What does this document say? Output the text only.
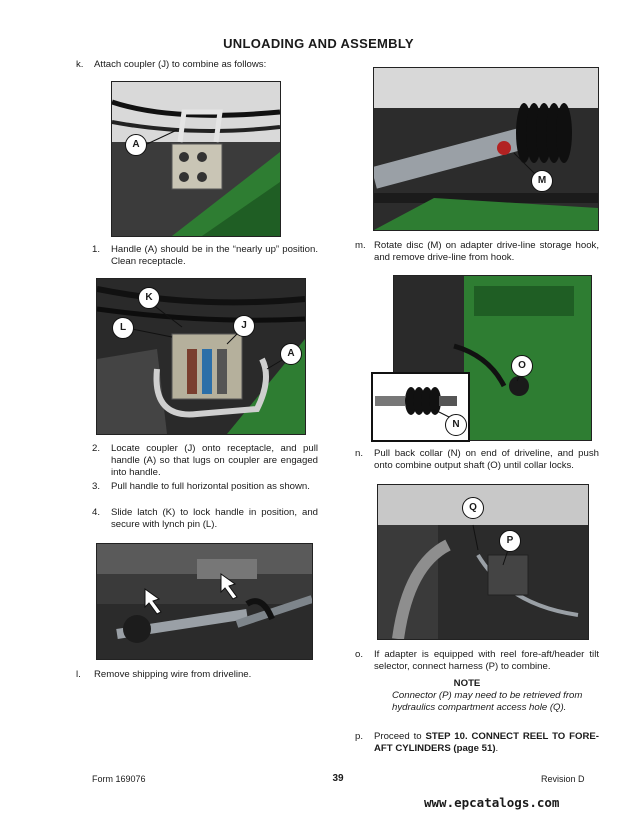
UNLOADING AND ASSEMBLY
k. Attach coupler (J) to combine as follows:
A
1. Handle (A) should be in the “nearly up” position. Clean receptacle.
K
L	J
A
2. Locate coupler (J) onto receptacle, and pull handle (A) so that lugs on coupler are engaged into handle.
3. Pull handle to full horizontal position as shown.
4. Slide latch (K) to lock handle in position, and secure with lynch pin (L).
l. Remove shipping wire from driveline.
M
m. Rotate disc (M) on adapter drive-line storage hook, and remove drive-line from hook.
O
N
n. Pull back collar (N) on end of driveline, and push onto combine output shaft (O) until collar locks.
Q
P
o. If adapter is equipped with reel fore-aft/header tilt selector, connect harness (P) to combine.
NOTE
Connector (P) may need to be retrieved from hydraulics compartment access hole (Q).
p. Proceed to STEP 10. CONNECT REEL TO FORE-AFT CYLINDERS (page 51).
Form 169076	39	Revision D
www.epcatalogs.com
